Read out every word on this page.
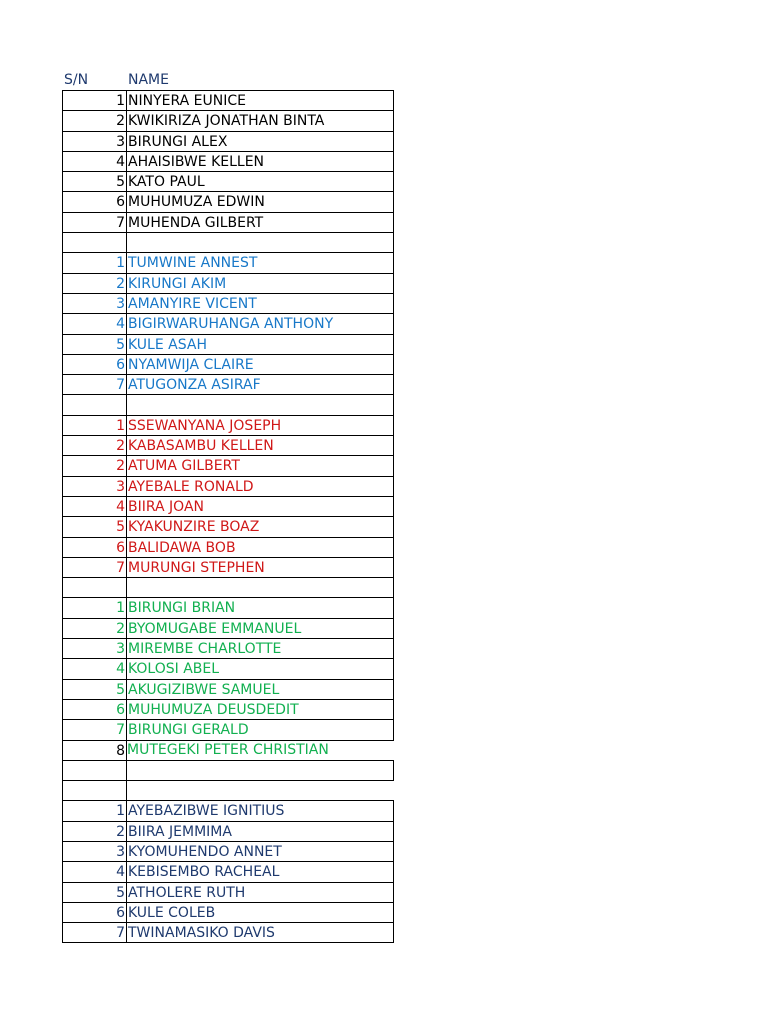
S/N	NAME
1 NINYERA EUNICE
2 KWIKIRIZA JONATHAN BINTA
3 BIRUNGI ALEX
4 AHAISIBWE KELLEN
5 KATO PAUL
6 MUHUMUZA EDWIN
7 MUHENDA GILBERT
1 TUMWINE ANNEST
2 KIRUNGI AKIM
3 AMANYIRE VICENT
4 BIGIRWARUHANGA ANTHONY
5 KULE ASAH
6 NYAMWIJA CLAIRE
7 ATUGONZA ASIRAF
1 SSEWANYANA JOSEPH
2 KABASAMBU KELLEN
2 ATUMA GILBERT
3 AYEBALE RONALD
4 BIIRA JOAN
5 KYAKUNZIRE BOAZ
6 BALIDAWA BOB
7 MURUNGI STEPHEN
1 BIRUNGI BRIAN
2 BYOMUGABE EMMANUEL
3 MIREMBE CHARLOTTE
4 KOLOSI ABEL
5 AKUGIZIBWE SAMUEL
6 MUHUMUZA DEUSDEDIT
7 BIRUNGI GERALD
8 MUTEGEKI PETER CHRISTIAN
1 AYEBAZIBWE IGNITIUS
2 BIIRA JEMMIMA
3 KYOMUHENDO ANNET
4 KEBISEMBO RACHEAL
5 ATHOLERE RUTH
6 KULE COLEB
7 TWINAMASIKO DAVIS
